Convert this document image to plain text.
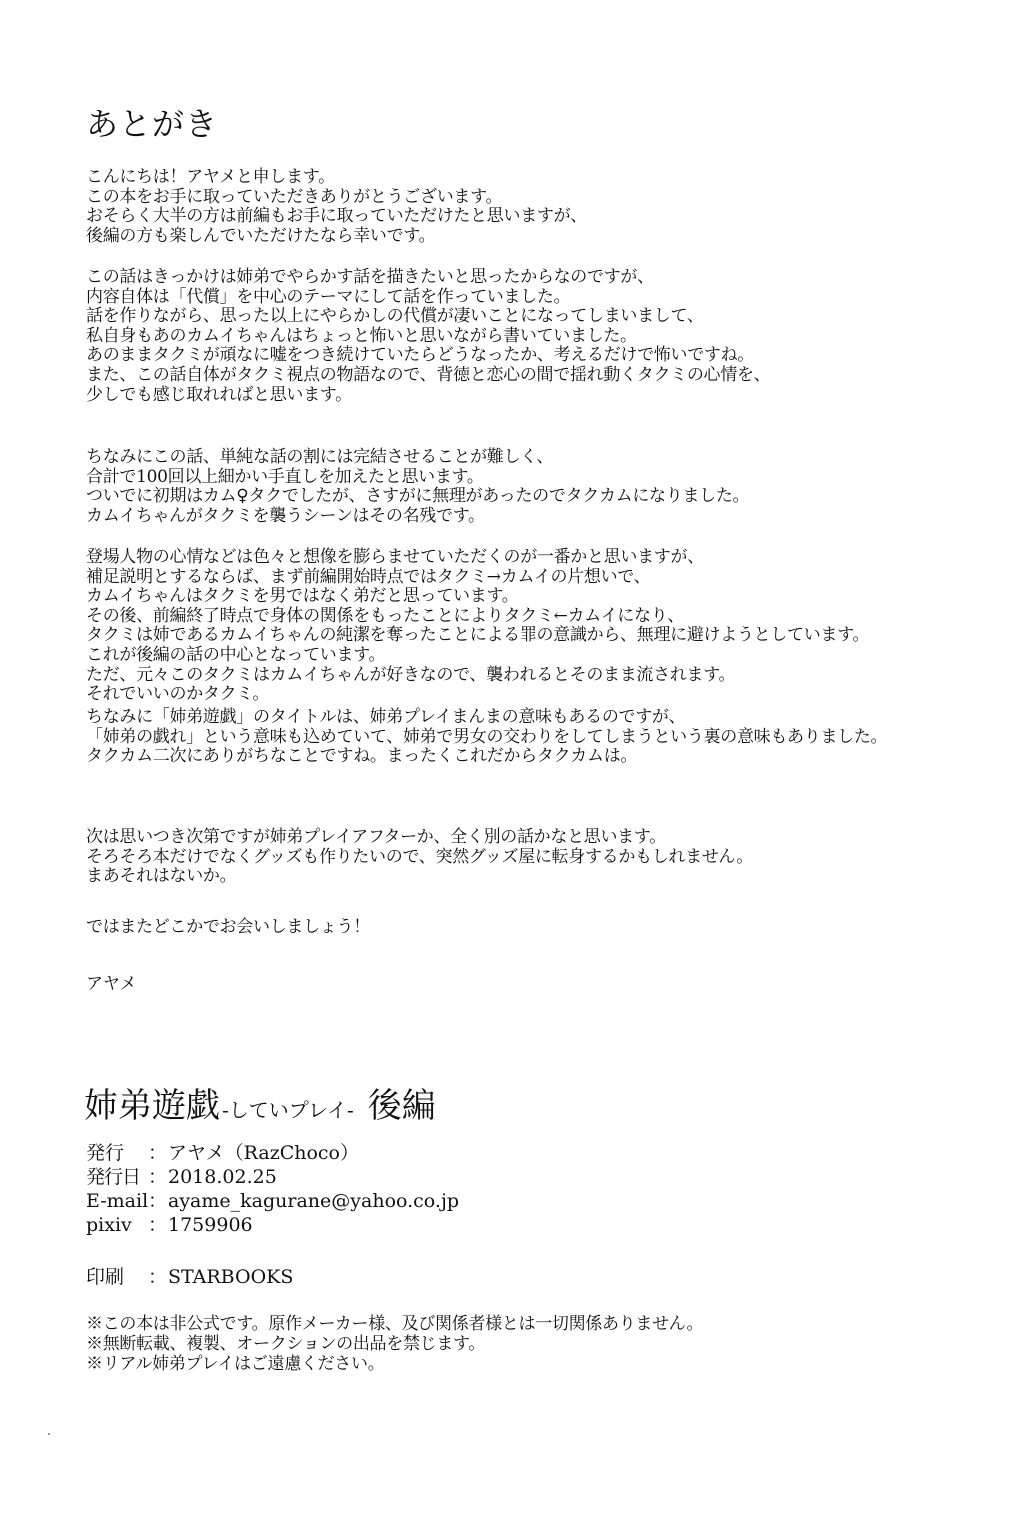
あとがき
こんにちは！アヤメと申します。
この本をお手に取っていただきありがとうございます。
おそらく大半の方は前編もお手に取っていただけたと思いますが、
後編の方も楽しんでいただけたなら幸いです。
この話はきっかけは姉弟でやらかす話を描きたいと思ったからなのですが、
内容自体は「代償」を中心のテーマにして話を作っていました。
話を作りながら、思った以上にやらかしの代償が凄いことになってしまいまして、
私自身もあのカムイちゃんはちょっと怖いと思いながら書いていました。
あのままタクミが頑なに嘘をつき続けていたらどうなったか、考えるだけで怖いですね。
また、この話自体がタクミ視点の物語なので、背徳と恋心の間で揺れ動くタクミの心情を、
少しでも感じ取れればと思います。
ちなみにこの話、単純な話の割には完結させることが難しく、
合計で100回以上細かい手直しを加えたと思います。
ついでに初期はカム♀タクでしたが、さすがに無理があったのでタクカムになりました。
カムイちゃんがタクミを襲うシーンはその名残です。
登場人物の心情などは色々と想像を膨らませていただくのが一番かと思いますが、
補足説明とするならば、まず前編開始時点ではタクミ→カムイの片想いで、
カムイちゃんはタクミを男ではなく弟だと思っています。
その後、前編終了時点で身体の関係をもったことによりタクミ←カムイになり、
タクミは姉であるカムイちゃんの純潔を奪ったことによる罪の意識から、無理に避けようとしています。
これが後編の話の中心となっています。
ただ、元々このタクミはカムイちゃんが好きなので、襲われるとそのまま流されます。
それでいいのかタクミ。
ちなみに「姉弟遊戯」のタイトルは、姉弟プレイまんまの意味もあるのですが、
「姉弟の戯れ」という意味も込めていて、姉弟で男女の交わりをしてしまうという裏の意味もありました。
タクカム二次にありがちなことですね。まったくこれだからタクカムは。
次は思いつき次第ですが姉弟プレイアフターか、全く別の話かなと思います。
そろそろ本だけでなくグッズも作りたいので、突然グッズ屋に転身するかもしれません。
まあそれはないか。
ではまたどこかでお会いしましょう！
アヤメ
姉弟遊戯 -していプレイ- 後編
発行	： アヤメ（RazChoco）
発行日 ： 2018.02.25
E-mail ： ayame_kagurane@yahoo.co.jp
pixiv ： 1759906
印刷	： STARBOOKS
※この本は非公式です。原作メーカー様、及び関係者様とは一切関係ありません。
※無断転載、複製、オークションの出品を禁じます。
※リアル姉弟プレイはご遠慮ください。
